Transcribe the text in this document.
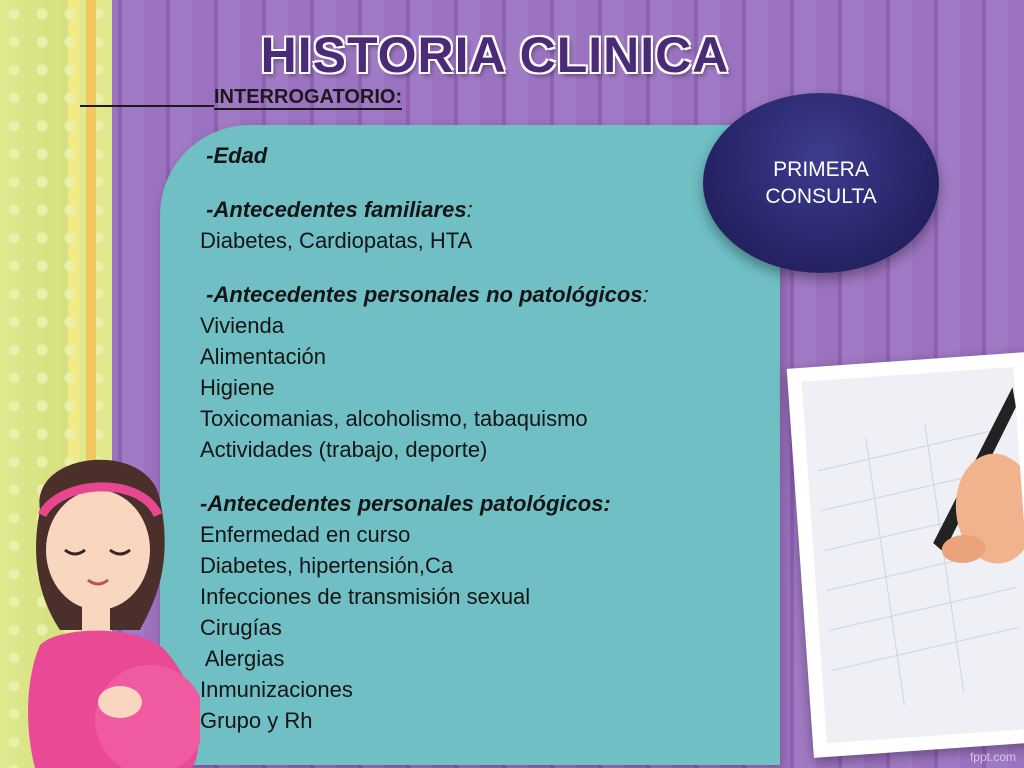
HISTORIA CLINICA
INTERROGATORIO:
-Edad
-Antecedentes familiares:
Diabetes, Cardiopatas, HTA
-Antecedentes personales no patológicos:
Vivienda
Alimentación
Higiene
Toxicomanias, alcoholismo, tabaquismo
Actividades (trabajo, deporte)
-Antecedentes personales patológicos:
Enfermedad en curso
Diabetes, hipertensión,Ca
Infecciones de transmisión sexual
Cirugías
Alergias
Inmunizaciones
Grupo y Rh
PRIMERA
CONSULTA
fppt.com
